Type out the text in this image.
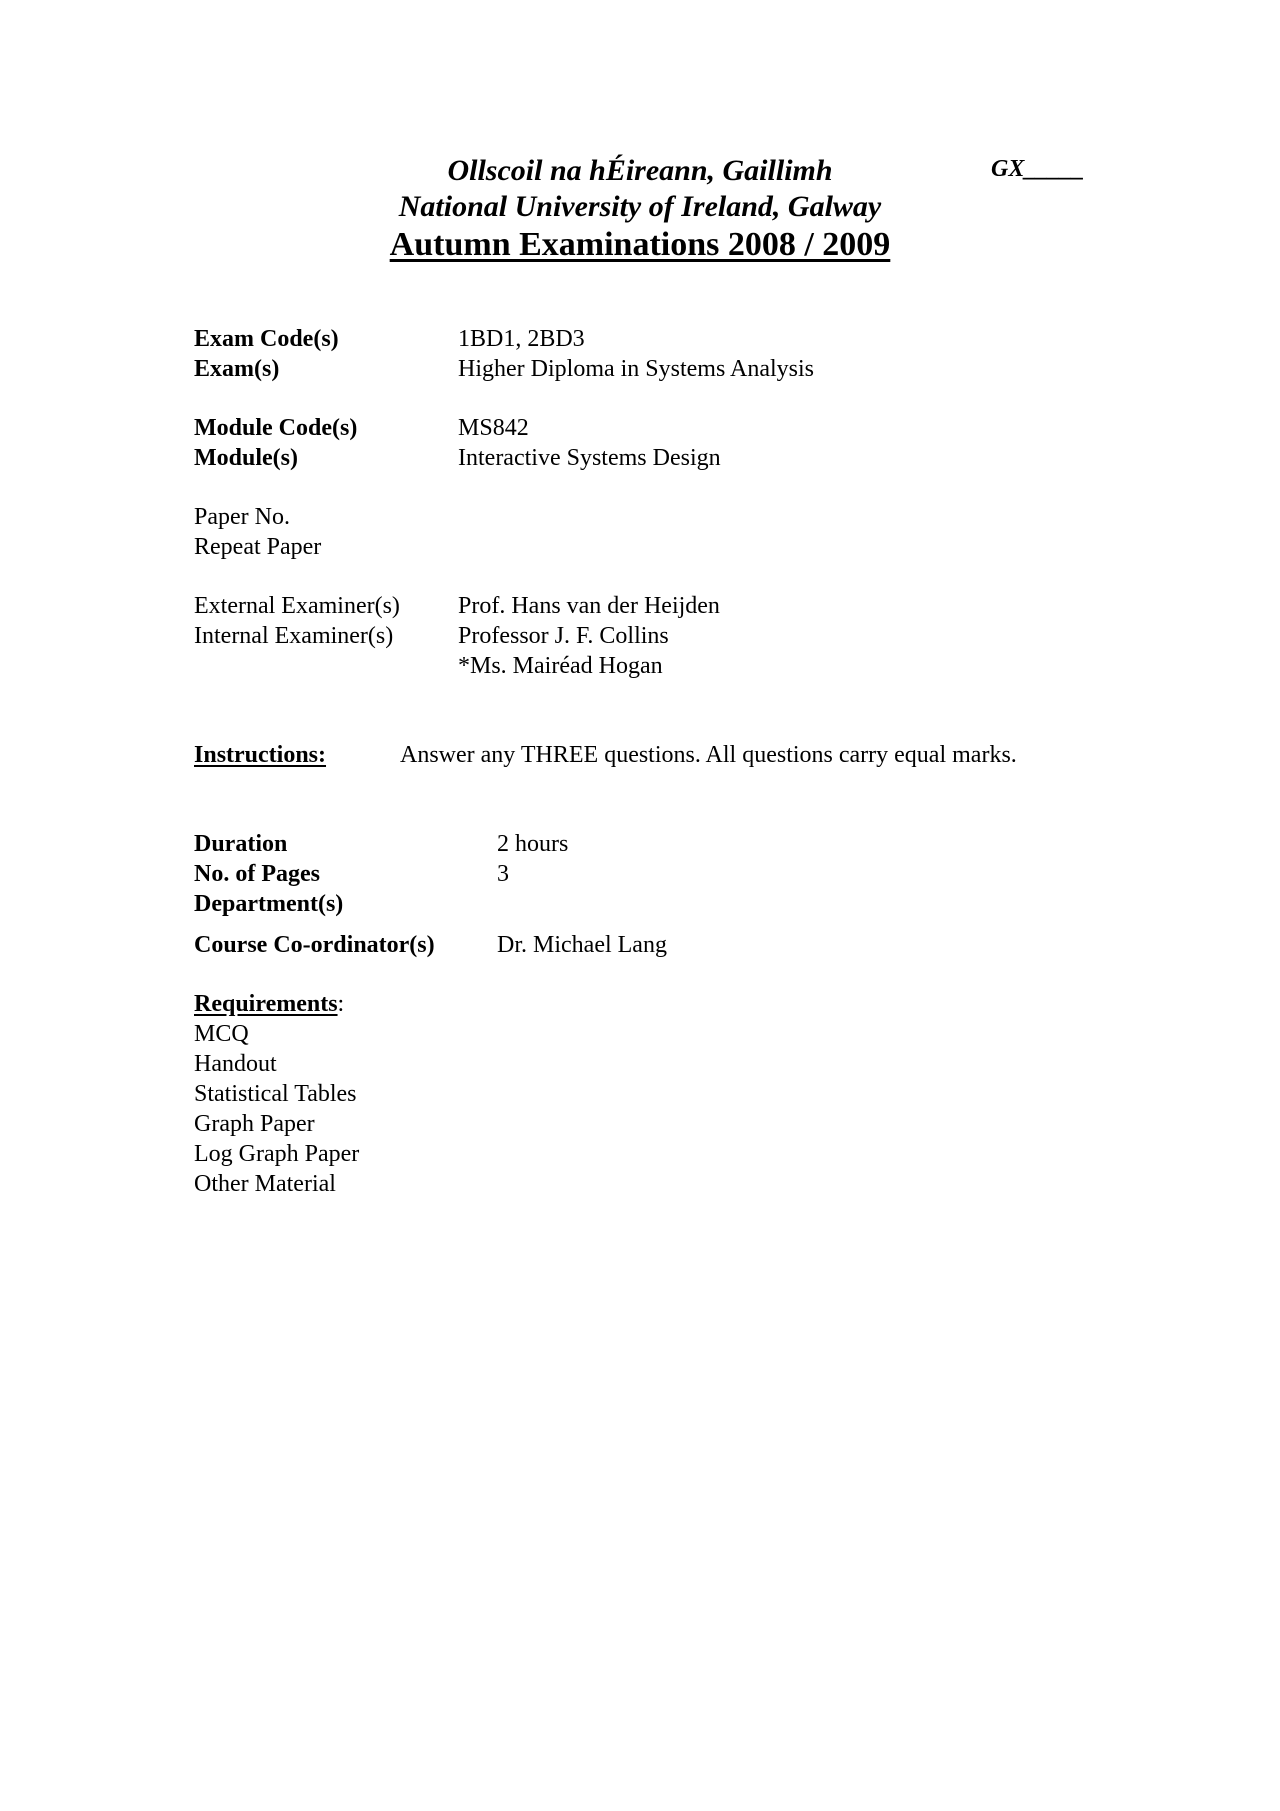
Ollscoil na hÉireann, Gaillimh
National University of Ireland, Galway
Autumn Examinations 2008 / 2009
GX_____
Exam Code(s)	1BD1, 2BD3
Exam(s)	Higher Diploma in Systems Analysis
Module Code(s)	MS842
Module(s)	Interactive Systems Design
Paper No.
Repeat Paper
External Examiner(s) Prof. Hans van der Heijden
Internal Examiner(s)	Professor J. F. Collins
*Ms. Mairéad Hogan
Instructions:	Answer any THREE questions. All questions carry equal marks.
Duration	2 hours
No. of Pages	3
Department(s)
Course Co-ordinator(s)	Dr. Michael Lang
Requirements:
MCQ
Handout
Statistical Tables
Graph Paper
Log Graph Paper
Other Material
